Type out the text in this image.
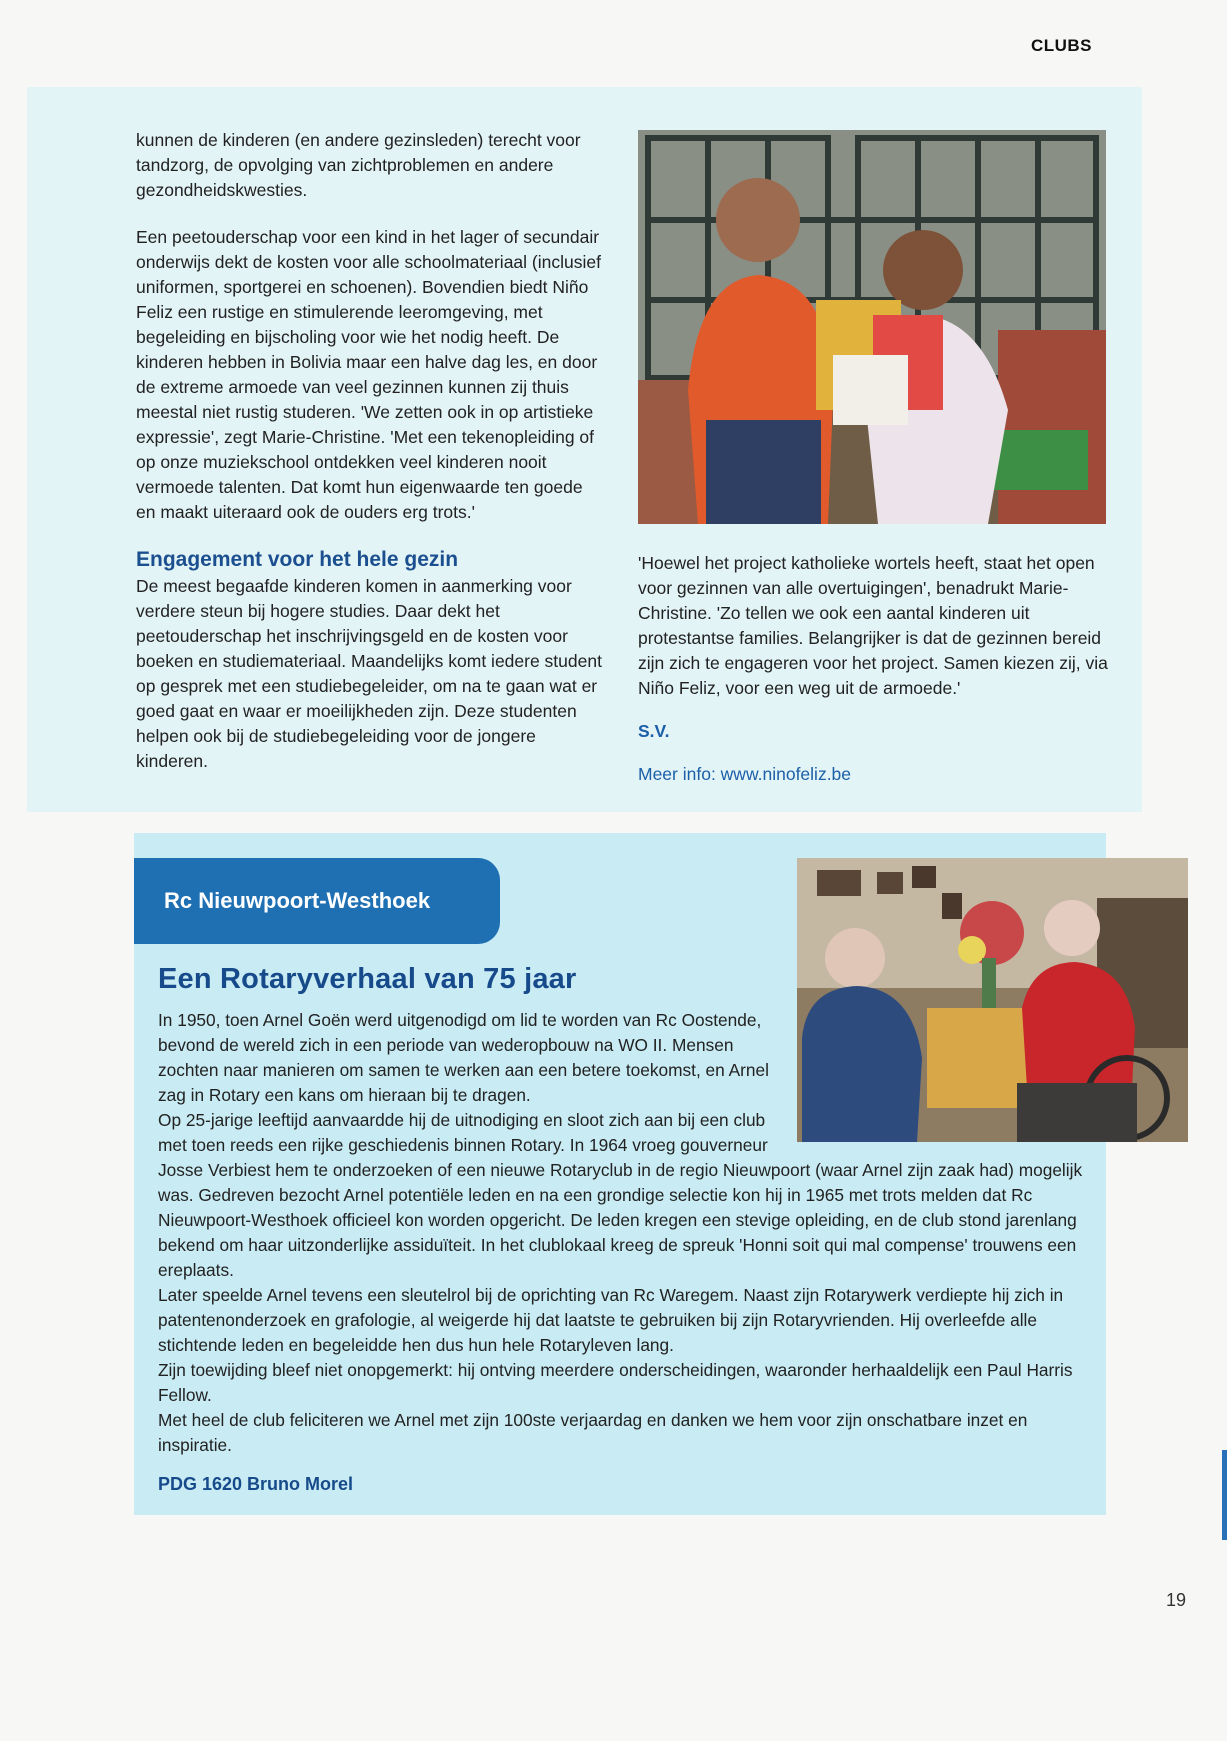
CLUBS

kunnen de kinderen (en andere gezinsleden) terecht voor tandzorg, de opvolging van zichtproblemen en andere gezondheidskwesties.

Een peetouderschap voor een kind in het lager of secundair onderwijs dekt de kosten voor alle schoolmateriaal (inclusief uniformen, sportgerei en schoenen). Bovendien biedt Niño Feliz een rustige en stimulerende leeromgeving, met begeleiding en bijscholing voor wie het nodig heeft. De kinderen hebben in Bolivia maar een halve dag les, en door de extreme armoede van veel gezinnen kunnen zij thuis meestal niet rustig studeren. 'We zetten ook in op artistieke expressie', zegt Marie-Christine. 'Met een tekenopleiding of op onze muziekschool ontdekken veel kinderen nooit vermoede talenten. Dat komt hun eigenwaarde ten goede en maakt uiteraard ook de ouders erg trots.'

Engagement voor het hele gezin

De meest begaafde kinderen komen in aanmerking voor verdere steun bij hogere studies. Daar dekt het peetouderschap het inschrijvingsgeld en de kosten voor boeken en studiemateriaal. Maandelijks komt iedere student op gesprek met een studiebegeleider, om na te gaan wat er goed gaat en waar er moeilijkheden zijn. Deze studenten helpen ook bij de studiebegeleiding voor de jongere kinderen.

'Hoewel het project katholieke wortels heeft, staat het open voor gezinnen van alle overtuigingen', benadrukt Marie-Christine. 'Zo tellen we ook een aantal kinderen uit protestantse families. Belangrijker is dat de gezinnen bereid zijn zich te engageren voor het project. Samen kiezen zij, via Niño Feliz, voor een weg uit de armoede.'

S.V.
Meer info: www.ninofeliz.be
Rc Nieuwpoort-Westhoek
Een Rotaryverhaal van 75 jaar

In 1950, toen Arnel Goën werd uitgenodigd om lid te worden van Rc Oostende, bevond de wereld zich in een periode van wederopbouw na WO II. Mensen zochten naar manieren om samen te werken aan een betere toekomst, en Arnel zag in Rotary een kans om hieraan bij te dragen.

Op 25-jarige leeftijd aanvaardde hij de uitnodiging en sloot zich aan bij een club met toen reeds een rijke geschiedenis binnen Rotary. In 1964 vroeg gouverneur Josse Verbiest hem te onderzoeken of een nieuwe Rotaryclub in de regio Nieuwpoort (waar Arnel zijn zaak had) mogelijk was. Gedreven bezocht Arnel potentiële leden en na een grondige selectie kon hij in 1965 met trots melden dat Rc Nieuwpoort-Westhoek officieel kon worden opgericht. De leden kregen een stevige opleiding, en de club stond jarenlang bekend om haar uitzonderlijke assiduïteit. In het clublokaal kreeg de spreuk 'Honni soit qui mal compense' trouwens een ereplaats.

Later speelde Arnel tevens een sleutelrol bij de oprichting van Rc Waregem. Naast zijn Rotarywerk verdiepte hij zich in patentenonderzoek en grafologie, al weigerde hij dat laatste te gebruiken bij zijn Rotaryvrienden. Hij overleefde alle stichtende leden en begeleidde hen dus hun hele Rotaryleven lang.

Zijn toewijding bleef niet onopgemerkt: hij ontving meerdere onderscheidingen, waaronder herhaaldelijk een Paul Harris Fellow.

Met heel de club feliciteren we Arnel met zijn 100ste verjaardag en danken we hem voor zijn onschatbare inzet en inspiratie.

PDG 1620 Bruno Morel
19
